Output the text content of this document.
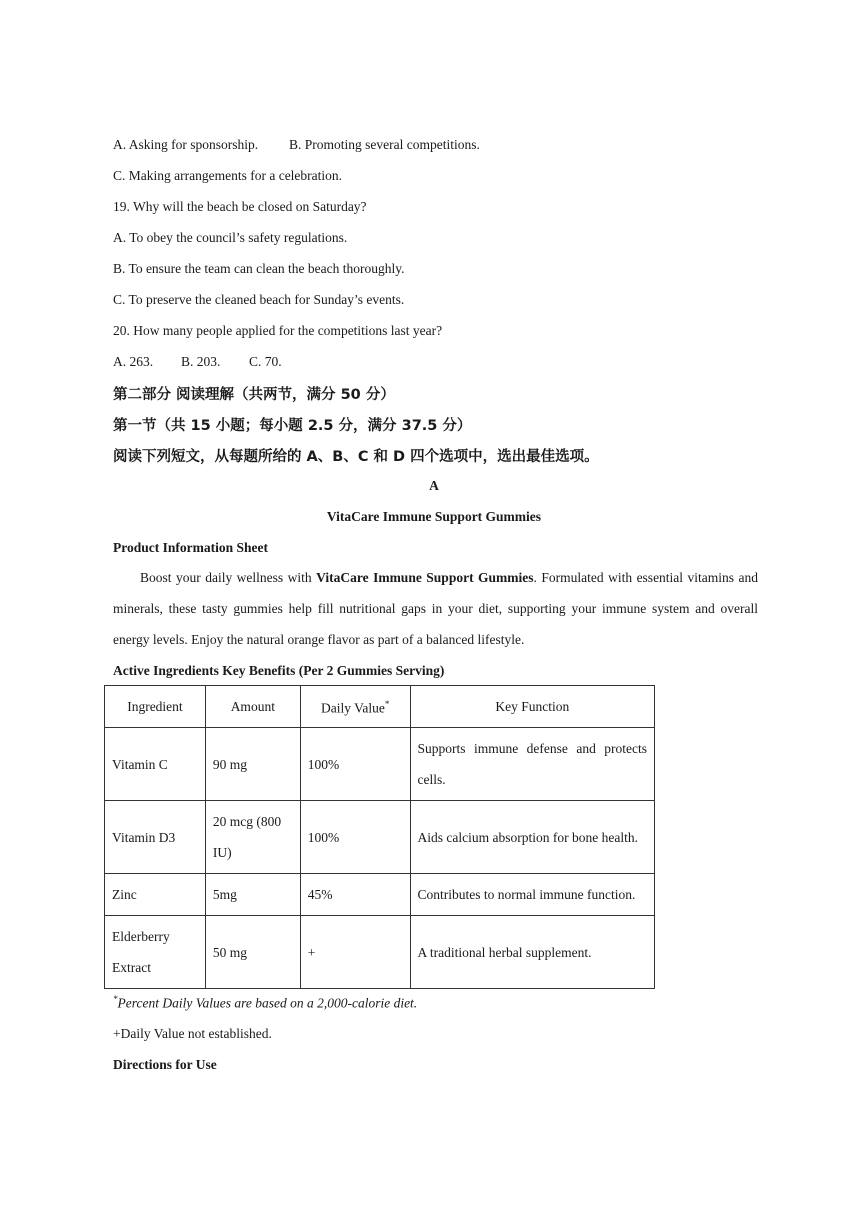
A. Asking for sponsorship. B. Promoting several competitions.
C. Making arrangements for a celebration.
19. Why will the beach be closed on Saturday?
A. To obey the council’s safety regulations.
B. To ensure the team can clean the beach thoroughly.
C. To preserve the cleaned beach for Sunday’s events.
20. How many people applied for the competitions last year?
A. 263. B. 203. C. 70.
第二部分 阅读理解（共两节，满分 50 分）
第一节（共 15 小题；每小题 2.5 分，满分 37.5 分）
阅读下列短文，从每题所给的 A、B、C 和 D 四个选项中，选出最佳选项。
A
VitaCare Immune Support Gummies
Product Information Sheet

Boost your daily wellness with VitaCare Immune Support Gummies. Formulated with essential vitamins and minerals, these tasty gummies help fill nutritional gaps in your diet, supporting your immune system and overall energy levels. Enjoy the natural orange flavor as part of a balanced lifestyle.

Active Ingredients Key Benefits (Per 2 Gummies Serving)
Ingredient	Amount	Daily Value*	Key Function
Vitamin C	90 mg	100%	Supports immune defense and protects cells.
Vitamin D3	20 mcg (800 IU)	100%	Aids calcium absorption for bone health.
Zinc	5mg	45%	Contributes to normal immune function.
Elderberry Extract	50 mg	+	A traditional herbal supplement.
*Percent Daily Values are based on a 2,000-calorie diet.
+Daily Value not established.
Directions for Use
